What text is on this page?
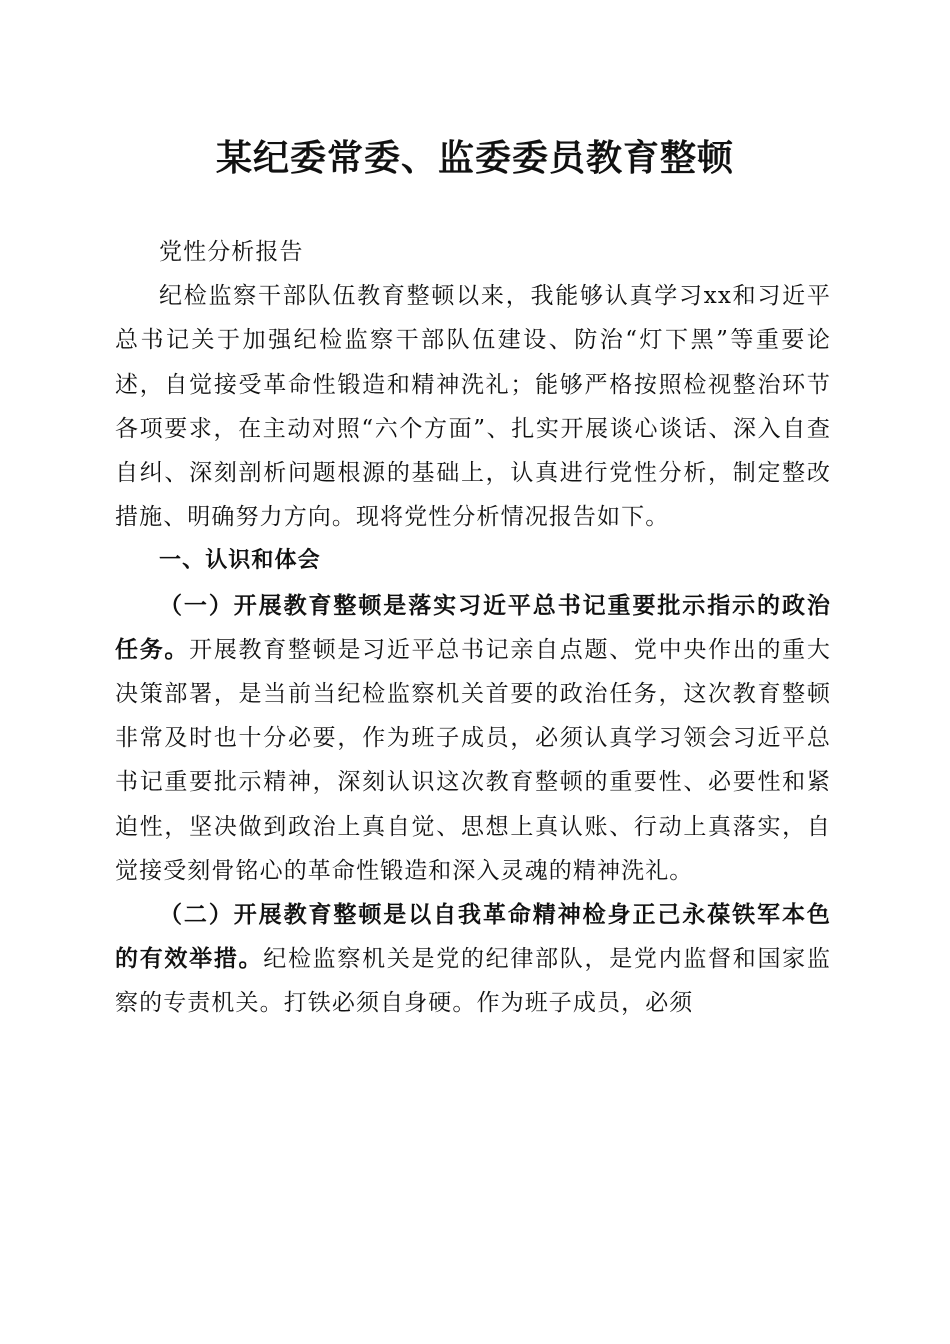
某纪委常委、监委委员教育整顿

党性分析报告

纪检监察干部队伍教育整顿以来，我能够认真学习xx和习近平总书记关于加强纪检监察干部队伍建设、防治“灯下黑”等重要论述，自觉接受革命性锻造和精神洗礼；能够严格按照检视整治环节各项要求，在主动对照“六个方面”、扎实开展谈心谈话、深入自查自纠、深刻剖析问题根源的基础上，认真进行党性分析，制定整改措施、明确努力方向。现将党性分析情况报告如下。

一、认识和体会

（一）开展教育整顿是落实习近平总书记重要批示指示的政治任务。开展教育整顿是习近平总书记亲自点题、党中央作出的重大决策部署，是当前当纪检监察机关首要的政治任务，这次教育整顿非常及时也十分必要，作为班子成员，必须认真学习领会习近平总书记重要批示精神，深刻认识这次教育整顿的重要性、必要性和紧迫性，坚决做到政治上真自觉、思想上真认账、行动上真落实，自觉接受刻骨铭心的革命性锻造和深入灵魂的精神洗礼。

（二）开展教育整顿是以自我革命精神检身正己永葆铁军本色的有效举措。纪检监察机关是党的纪律部队，是党内监督和国家监察的专责机关。打铁必须自身硬。作为班子成员，必须
